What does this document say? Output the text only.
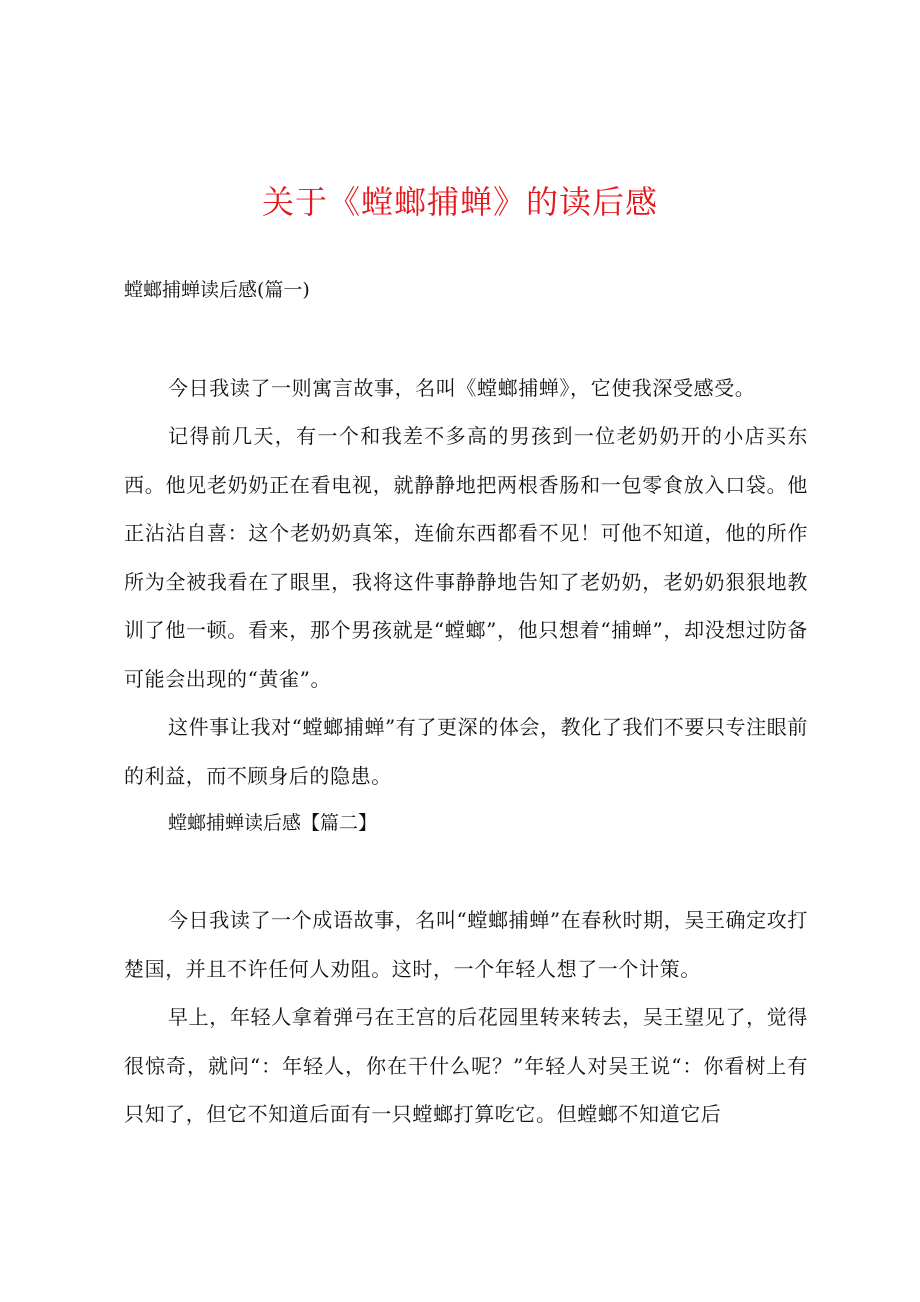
关于《螳螂捕蝉》的读后感

螳螂捕蝉读后感(篇一)

今日我读了一则寓言故事，名叫《螳螂捕蝉》，它使我深受感受。

记得前几天，有一个和我差不多高的男孩到一位老奶奶开的小店买东西。他见老奶奶正在看电视，就静静地把两根香肠和一包零食放入口袋。他正沾沾自喜：这个老奶奶真笨，连偷东西都看不见！可他不知道，他的所作所为全被我看在了眼里，我将这件事静静地告知了老奶奶，老奶奶狠狠地教训了他一顿。看来，那个男孩就是“螳螂”，他只想着“捕蝉”，却没想过防备可能会出现的“黄雀”。

这件事让我对“螳螂捕蝉”有了更深的体会，教化了我们不要只专注眼前的利益，而不顾身后的隐患。

螳螂捕蝉读后感【篇二】

今日我读了一个成语故事，名叫“螳螂捕蝉”在春秋时期，吴王确定攻打楚国，并且不许任何人劝阻。这时，一个年轻人想了一个计策。

早上，年轻人拿着弹弓在王宫的后花园里转来转去，吴王望见了，觉得很惊奇，就问“：年轻人，你在干什么呢？”年轻人对吴王说“：你看树上有只知了，但它不知道后面有一只螳螂打算吃它。但螳螂不知道它后
